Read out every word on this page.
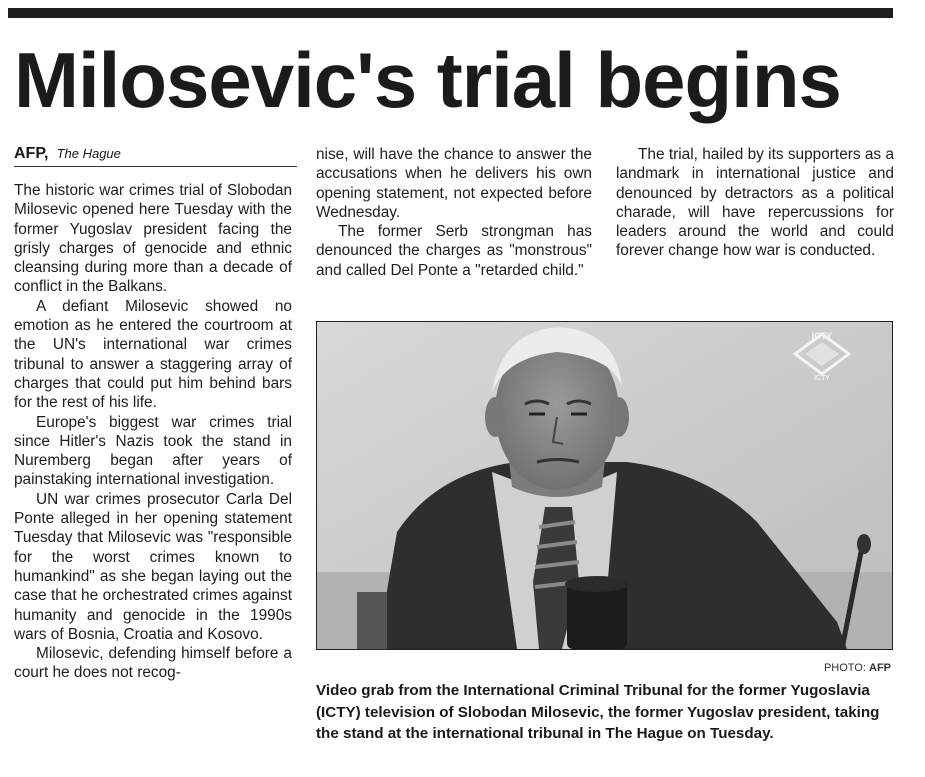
Milosevic's trial begins
AFP, The Hague

The historic war crimes trial of Slobodan Milosevic opened here Tuesday with the former Yugoslav president facing the grisly charges of genocide and ethnic cleansing during more than a decade of conflict in the Balkans.

A defiant Milosevic showed no emotion as he entered the courtroom at the UN's international war crimes tribunal to answer a staggering array of charges that could put him behind bars for the rest of his life.

Europe's biggest war crimes trial since Hitler's Nazis took the stand in Nuremberg began after years of painstaking international investigation.

UN war crimes prosecutor Carla Del Ponte alleged in her opening statement Tuesday that Milosevic was "responsible for the worst crimes known to humankind" as she began laying out the case that he orchestrated crimes against humanity and genocide in the 1990s wars of Bosnia, Croatia and Kosovo.

Milosevic, defending himself before a court he does not recog-

nise, will have the chance to answer the accusations when he delivers his own opening statement, not expected before Wednesday.

The former Serb strongman has denounced the charges as "monstrous" and called Del Ponte a "retarded child."

The trial, hailed by its supporters as a landmark in international justice and denounced by detractors as a political charade, will have repercussions for leaders around the world and could forever change how war is conducted.

ICTY
ICTY
PHOTO: AFP

Video grab from the International Criminal Tribunal for the former Yugoslavia (ICTY) television of Slobodan Milosevic, the former Yugoslav president, taking the stand at the international tribunal in The Hague on Tuesday.
